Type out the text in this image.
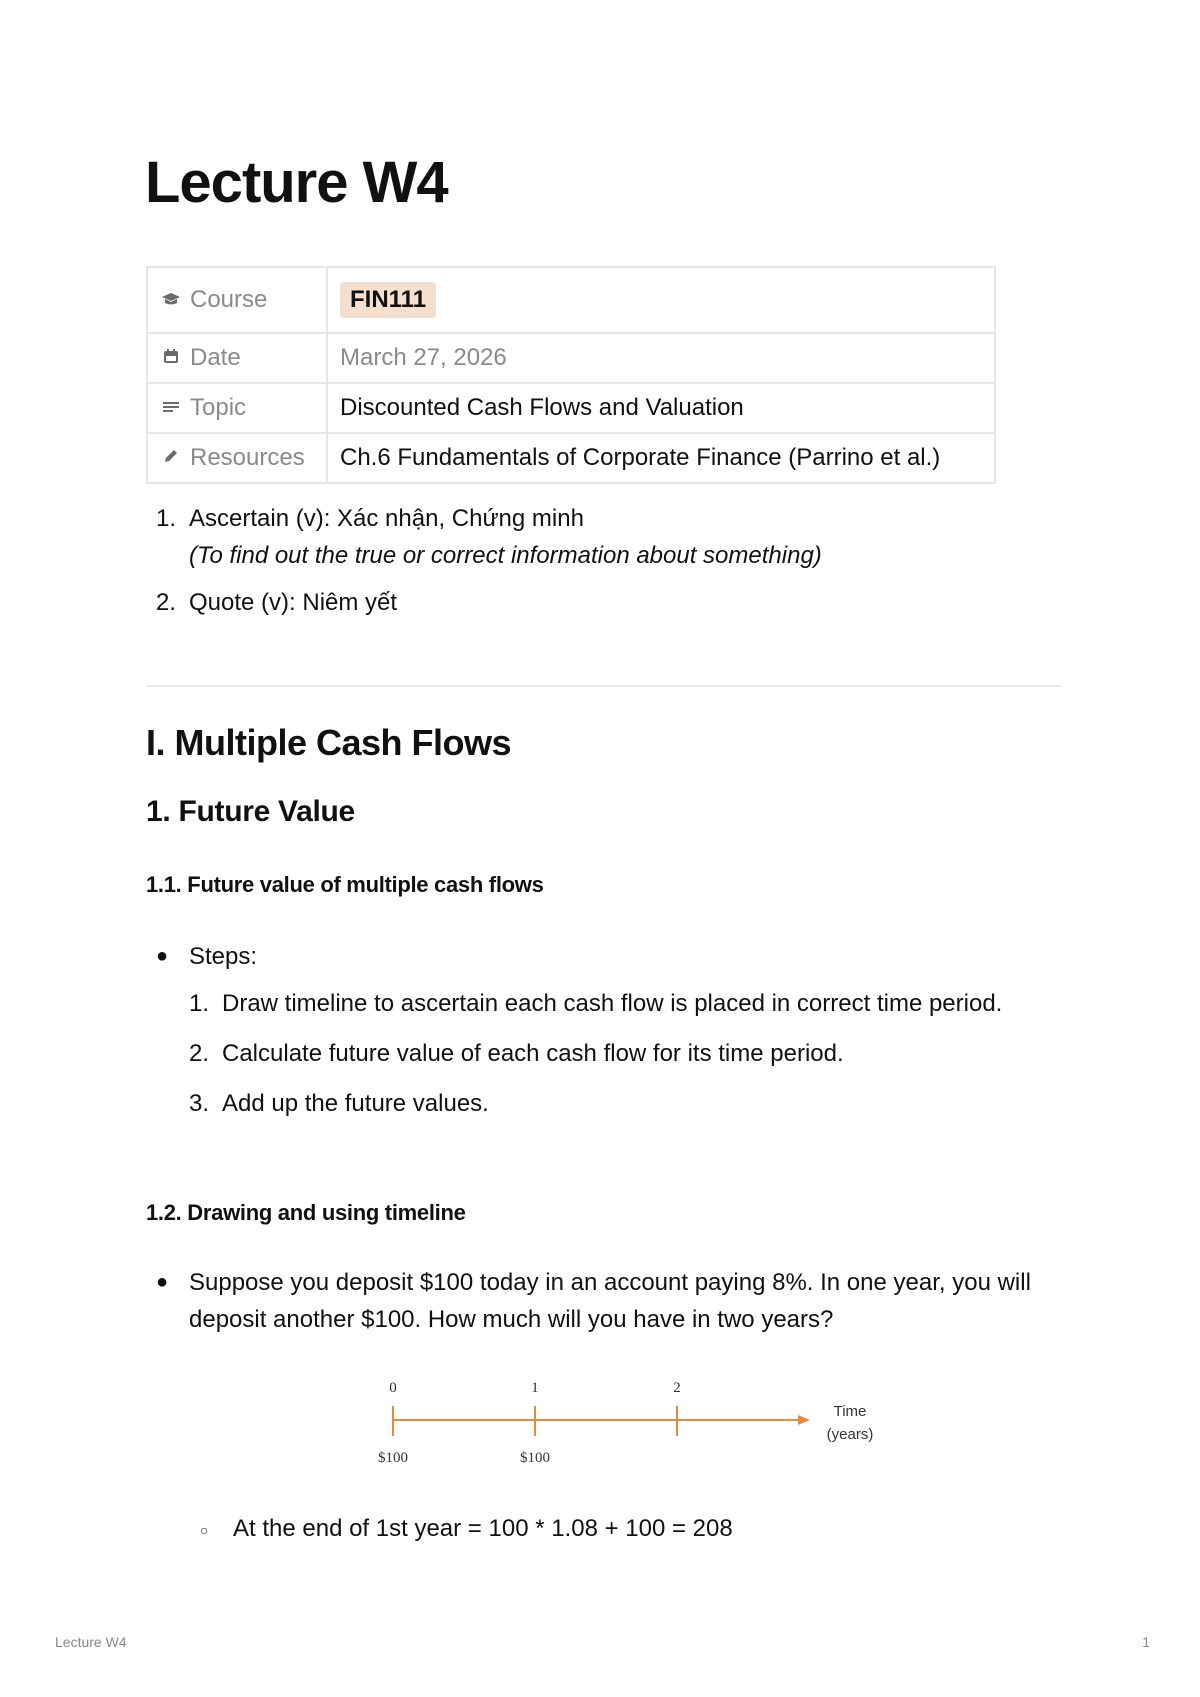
Lecture W4
Course	FIN111
Date	March 27, 2026
Topic	Discounted Cash Flows and Valuation
Resources	Ch.6 Fundamentals of Corporate Finance (Parrino et al.)
1. Ascertain (v): Xác nhận, Chứng minh
(To find out the true or correct information about something)
2. Quote (v): Niêm yết
I. Multiple Cash Flows
1. Future Value
1.1. Future value of multiple cash flows
● Steps:
1. Draw timeline to ascertain each cash flow is placed in correct time period.
2. Calculate future value of each cash flow for its time period.
3. Add up the future values.
1.2. Drawing and using timeline
● Suppose you deposit $100 today in an account paying 8%. In one year, you will deposit another $100. How much will you have in two years?
0	1	2
$100	$100
Time
(years)
○ At the end of 1st year = 100 * 1.08 + 100 = 208
Lecture W4	1
